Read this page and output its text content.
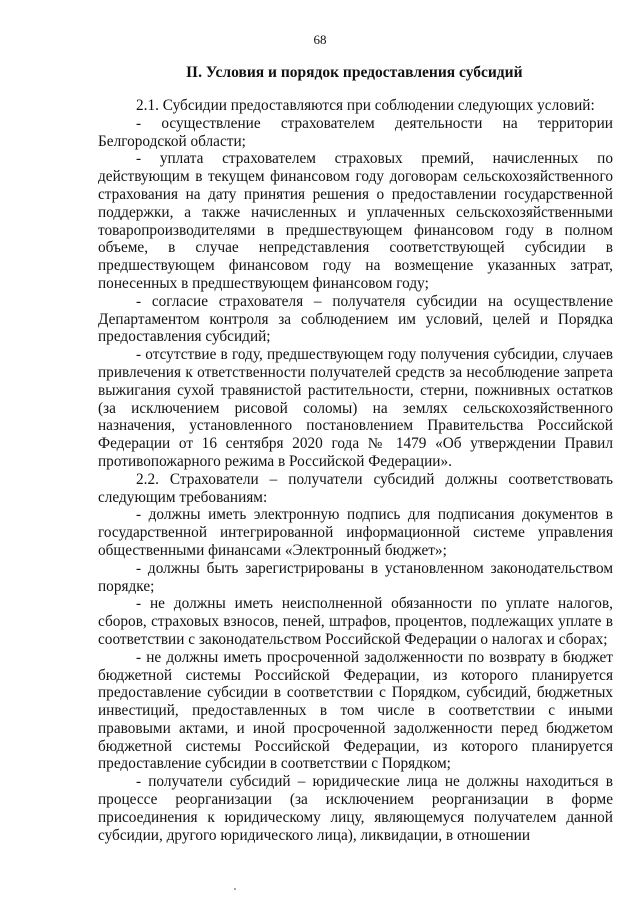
68
II. Условия и порядок предоставления субсидий

2.1. Субсидии предоставляются при соблюдении следующих условий:

- осуществление страхователем деятельности на территории Белгородской области;

- уплата страхователем страховых премий, начисленных по действующим в текущем финансовом году договорам сельскохозяйственного страхования на дату принятия решения о предоставлении государственной поддержки, а также начисленных и уплаченных сельскохозяйственными товаропроизводителями в предшествующем финансовом году в полном объеме, в случае непредставления соответствующей субсидии в предшествующем финансовом году на возмещение указанных затрат, понесенных в предшествующем финансовом году;

- согласие страхователя – получателя субсидии на осуществление Департаментом контроля за соблюдением им условий, целей и Порядка предоставления субсидий;

- отсутствие в году, предшествующем году получения субсидии, случаев привлечения к ответственности получателей средств за несоблюдение запрета выжигания сухой травянистой растительности, стерни, пожнивных остатков (за исключением рисовой соломы) на землях сельскохозяйственного назначения, установленного постановлением Правительства Российской Федерации от 16 сентября 2020 года № 1479 «Об утверждении Правил противопожарного режима в Российской Федерации».

2.2. Страхователи – получатели субсидий должны соответствовать следующим требованиям:

- должны иметь электронную подпись для подписания документов в государственной интегрированной информационной системе управления общественными финансами «Электронный бюджет»;

- должны быть зарегистрированы в установленном законодательством порядке;

- не должны иметь неисполненной обязанности по уплате налогов, сборов, страховых взносов, пеней, штрафов, процентов, подлежащих уплате в соответствии с законодательством Российской Федерации о налогах и сборах;

- не должны иметь просроченной задолженности по возврату в бюджет бюджетной системы Российской Федерации, из которого планируется предоставление субсидии в соответствии с Порядком, субсидий, бюджетных инвестиций, предоставленных в том числе в соответствии с иными правовыми актами, и иной просроченной задолженности перед бюджетом бюджетной системы Российской Федерации, из которого планируется предоставление субсидии в соответствии с Порядком;

- получатели субсидий – юридические лица не должны находиться в процессе реорганизации (за исключением реорганизации в форме присоединения к юридическому лицу, являющемуся получателем данной субсидии, другого юридического лица), ликвидации, в отношении
